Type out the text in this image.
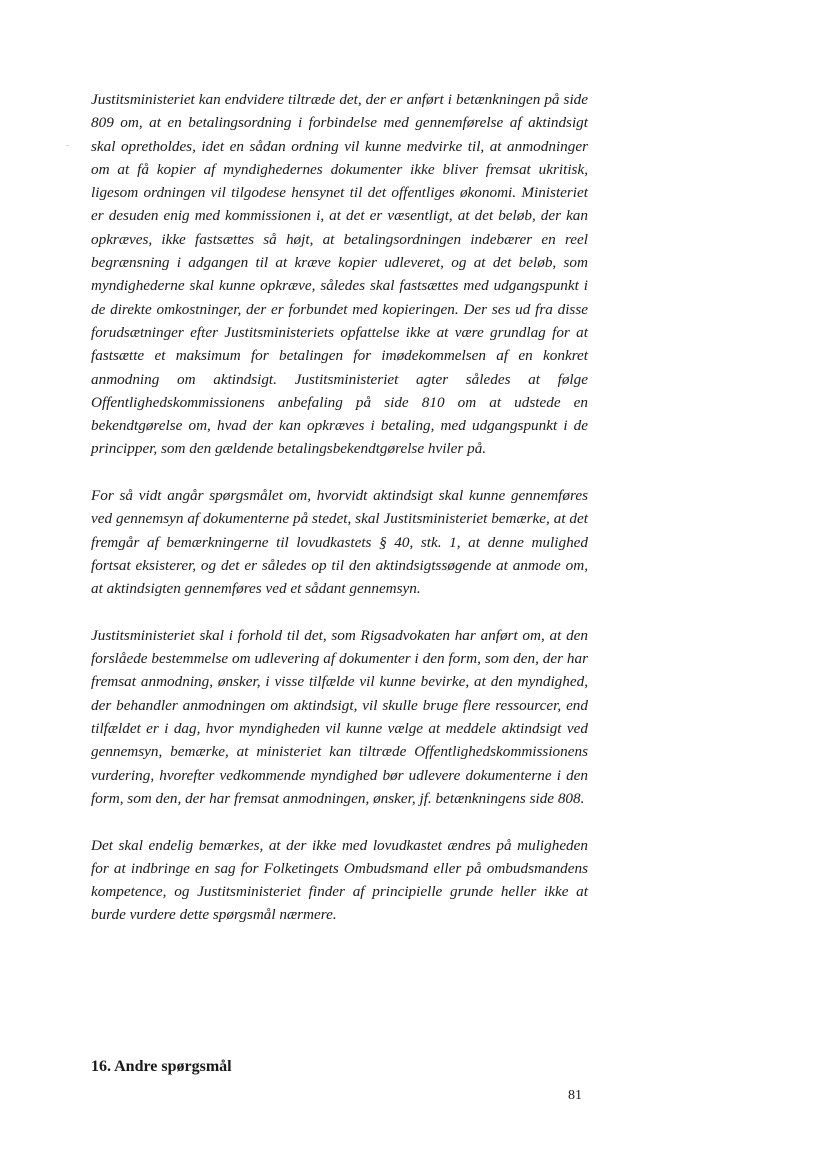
Justitsministeriet kan endvidere tiltræde det, der er anført i betænkningen på side 809 om, at en betalingsordning i forbindelse med gennemførelse af aktindsigt skal opretholdes, idet en sådan ordning vil kunne medvirke til, at anmodninger om at få kopier af myndighedernes dokumenter ikke bliver fremsat ukritisk, ligesom ordningen vil tilgodese hensynet til det offentliges økonomi. Ministeriet er desuden enig med kommissionen i, at det er væsentligt, at det beløb, der kan opkræves, ikke fastsættes så højt, at betalingsordningen indebærer en reel begrænsning i adgangen til at kræve kopier udleveret, og at det beløb, som myndighederne skal kunne opkræve, således skal fastsættes med udgangspunkt i de direkte omkostninger, der er forbundet med kopieringen. Der ses ud fra disse forudsætninger efter Justitsministeriets opfattelse ikke at være grundlag for at fastsætte et maksimum for betalingen for imødekommelsen af en konkret anmodning om aktindsigt. Justitsministeriet agter således at følge Offentlighedskommissionens anbefaling på side 810 om at udstede en bekendtgørelse om, hvad der kan opkræves i betaling, med udgangspunkt i de principper, som den gældende betalingsbekendtgørelse hviler på.

For så vidt angår spørgsmålet om, hvorvidt aktindsigt skal kunne gennemføres ved gennemsyn af dokumenterne på stedet, skal Justitsministeriet bemærke, at det fremgår af bemærkningerne til lovudkastets § 40, stk. 1, at denne mulighed fortsat eksisterer, og det er således op til den aktindsigtssøgende at anmode om, at aktindsigten gennemføres ved et sådant gennemsyn.

Justitsministeriet skal i forhold til det, som Rigsadvokaten har anført om, at den forslåede bestemmelse om udlevering af dokumenter i den form, som den, der har fremsat anmodning, ønsker, i visse tilfælde vil kunne bevirke, at den myndighed, der behandler anmodningen om aktindsigt, vil skulle bruge flere ressourcer, end tilfældet er i dag, hvor myndigheden vil kunne vælge at meddele aktindsigt ved gennemsyn, bemærke, at ministeriet kan tiltræde Offentlighedskommissionens vurdering, hvorefter vedkommende myndighed bør udlevere dokumenterne i den form, som den, der har fremsat anmodningen, ønsker, jf. betænkningens side 808.

Det skal endelig bemærkes, at der ikke med lovudkastet ændres på muligheden for at indbringe en sag for Folketingets Ombudsmand eller på ombudsmandens kompetence, og Justitsministeriet finder af principielle grunde heller ikke at burde vurdere dette spørgsmål nærmere.

16. Andre spørgsmål
81
